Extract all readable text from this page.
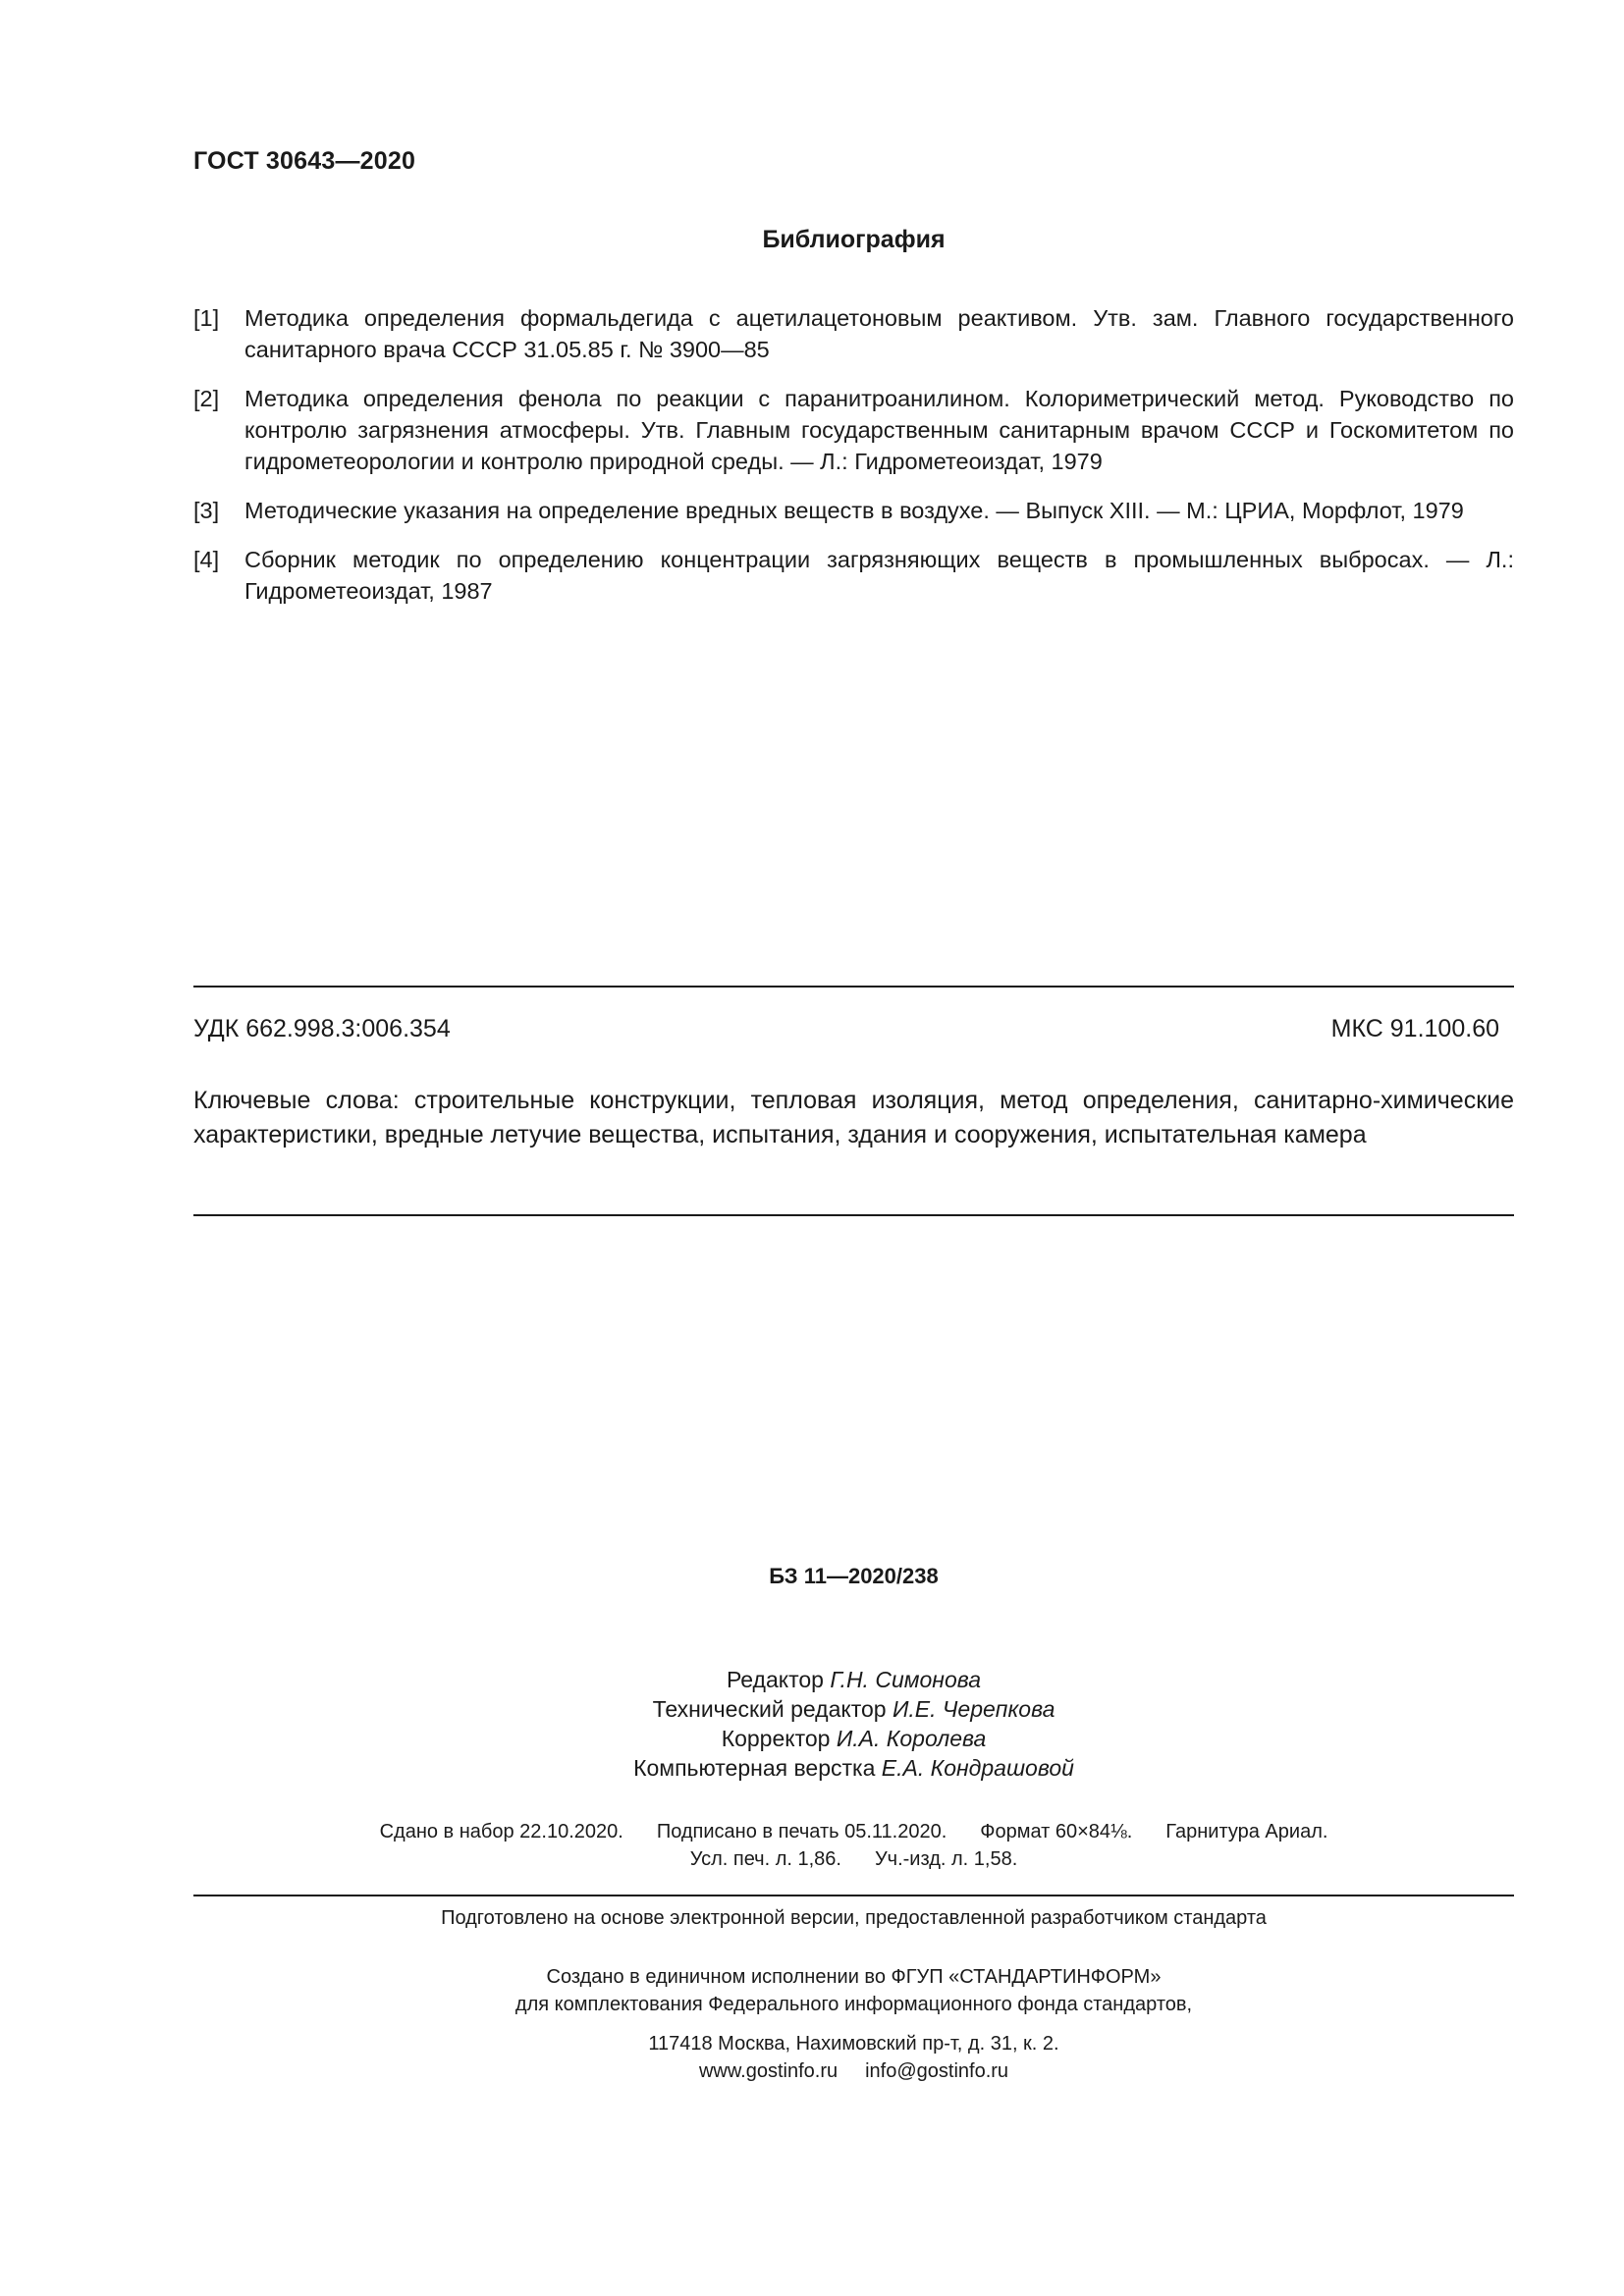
ГОСТ 30643—2020
Библиография
[1]	Методика определения формальдегида с ацетилацетоновым реактивом. Утв. зам. Главного государственного санитарного врача СССР 31.05.85 г. № 3900—85
[2]	Методика определения фенола по реакции с паранитроанилином. Колориметрический метод. Руководство по контролю загрязнения атмосферы. Утв. Главным государственным санитарным врачом СССР и Госкомитетом по гидрометеорологии и контролю природной среды. — Л.: Гидрометеоиздат, 1979
[3]	Методические указания на определение вредных веществ в воздухе. — Выпуск XIII. — М.: ЦРИА, Морфлот, 1979
[4]	Сборник методик по определению концентрации загрязняющих веществ в промышленных выбросах. — Л.: Гидрометеоиздат, 1987
УДК 662.998.3:006.354	МКС 91.100.60
Ключевые слова: строительные конструкции, тепловая изоляция, метод определения, санитарно-химические характеристики, вредные летучие вещества, испытания, здания и сооружения, испытательная камера
БЗ 11—2020/238
Редактор Г.Н. Симонова
Технический редактор И.Е. Черепкова
Корректор И.А. Королева
Компьютерная верстка Е.А. Кондрашовой
Сдано в набор 22.10.2020. Подписано в печать 05.11.2020. Формат 60×84⅛. Гарнитура Ариал.
Усл. печ. л. 1,86. Уч.-изд. л. 1,58.
Подготовлено на основе электронной версии, предоставленной разработчиком стандарта
Создано в единичном исполнении во ФГУП «СТАНДАРТИНФОРМ»
для комплектования Федерального информационного фонда стандартов,
117418 Москва, Нахимовский пр-т, д. 31, к. 2.
www.gostinfo.ru info@gostinfo.ru
